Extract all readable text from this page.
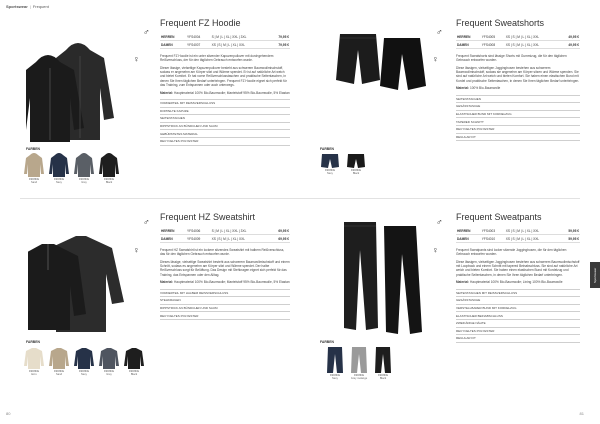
Sportswear | Frequent
Sportswear
♂
♀
Frequent FZ Hoodie
HERREN	YFS4004	S | M | L | XL | XXL | 3XL	79,95 €
DAMEN	YFS4007	XS | S | M | L | XL | XXL	79,95 €

Frequent FZ Hoodie ist ein unter sitzender Kapuzenpullover mit durchgehendem Reißverschluss, der für den täglichen Gebrauch entworfen wurde.

Dieser lässige, vielseitige Kapuzenpullover besteht aus schwerem Baumwollmischstoff, sodass er angenehm am Körper sitzt und Wärme spendet. Er ist auf natürliche Art weich und bietet Komfort. Er hat vorne Reißverschlusstaschen und praktische Seitentaschen, in denen Sie Ihren täglichen Bedarf unterbringen. Frequent FZ Hoodie eignet sich perfekt für das Training, zum Entspannen oder auch unterwegs.

Material: Hauptmaterial 100% Bio-Baumwolle; Mantelstoff 95% Bio-Baumwolle, 5% Elastan
VORDERTEIL MIT REISSVERSCHLUSS
DOPPELTE KAPUZE
SEITENTASCHEN
RIPPSTRICK AN BÜNDCHEN UND SAUM
GEBÜRSTETES MATERIAL
RECYCELTES POLYESTER
FARBEN
D9D8DE
Sand
D9D8DE
Navy
D9D8DE
Grey
D9D8DE
Black
♂
♀
Frequent Sweatshorts
HERREN	YFS4005	XS | S | M | L | XL | XXL	49,95 €
DAMEN	YFS4008	XS | S | M | L | XL | XXL	49,95 €

Frequent Sweatshorts sind lässige Shorts mit Gummizug, die für den täglichen Gebrauch entworfen wurden.

Diese lässigen, vielseitigen Jogginghosen bestehen aus schwerem Baumwollmischstoff, sodass sie angenehm am Körper sitzen und Wärme spenden. Sie sind auf natürliche Art weich und bieten Komfort. Sie haben einen elastischen Bund mit Kordel und praktische Seitentaschen, in denen Sie Ihren täglichen Bedarf unterbringen.

Material: 100% Bio-Baumwolle
SEITENTASCHEN
GESÄSSTASCHE
ELASTISCHER BUND MIT KORDELZUG
TAPERED SCHNITT
RECYCELTES POLYESTER
REGULAR FIT
FARBEN
D9D8DE
Navy
D9D8DE
Black
♂
♀
Frequent HZ Sweatshirt
HERREN	YFS4006	S | M | L | XL | XXL | 3XL	69,95 €
DAMEN	YFS4009	XS | S | M | L | XL | XXL	69,95 €

Frequent HZ Sweatshirt ist ein lockere sitzendes Sweatshirt mit halbem Reißverschluss, das für den täglichen Gebrauch entworfen wurde.

Dieses lässige, vielseitige Sweatshirt besteht aus schwerem Baumwollmischstoff und einem Schnitt, sodass es angenehm am Körper sitzt und Wärme spendet. Der halbe Reißverschluss sorgt für Belüftung. Das Design mit Stehkragen eignet sich perfekt für das Training, das Entspannen oder den Alltag.

Material: Hauptmaterial 100% Bio-Baumwolle; Mantelstoff 95% Bio-Baumwolle, 5% Elastan
VORDERTEIL MIT HALBEM REISSVERSCHLUSS
STEHKRAGEN
RIPPSTRICK AN BÜNDCHEN UND SAUM
RECYCELTES POLYESTER
FARBEN
D9D8DE
Ecru
D9D8DE
Sand
D9D8DE
Navy
D9D8DE
Grey
D9D8DE
Black
♂
♀
Frequent Sweatpants
HERREN	YFS4003	XS | S | M | L | XL | XXL	59,95 €
DAMEN	YFS4010	XS | S | M | L | XL | XXL	59,95 €

Frequent Sweatpants sind locker sitzende Jogginghosen, die für den täglichen Gebrauch entworfen wurden.

Diese lässigen, vielseitigen Jogginghosen bestehen aus schwerem Baumwollmischstoff mit Loopback und einem Schnitt mit tapered Beinabschluss. Sie sind auf natürliche Art weich und bieten Komfort. Sie haben einen elastischen Bund mit Kordelzug und praktische Seitentaschen, in denen Sie Ihren täglichen Bedarf unterbringen.

Material: Hauptmaterial 100% Bio-Baumwolle; Lining 100% Bio-Baumwolle
SEITENTASCHEN MIT REISSVERSCHLUSS
GESÄSSTASCHE
VERSTELLBARER BUND MIT KORDELZUG
ELASTISCHER BEINABSCHLUSS
ZWEIFÄDIGE NÄHTE
RECYCELTES POLYESTER
REGULAR FIT
FARBEN
D9D8DE
Navy
D9D8DE
Grey melange
D9D8DE
Black
80	81
